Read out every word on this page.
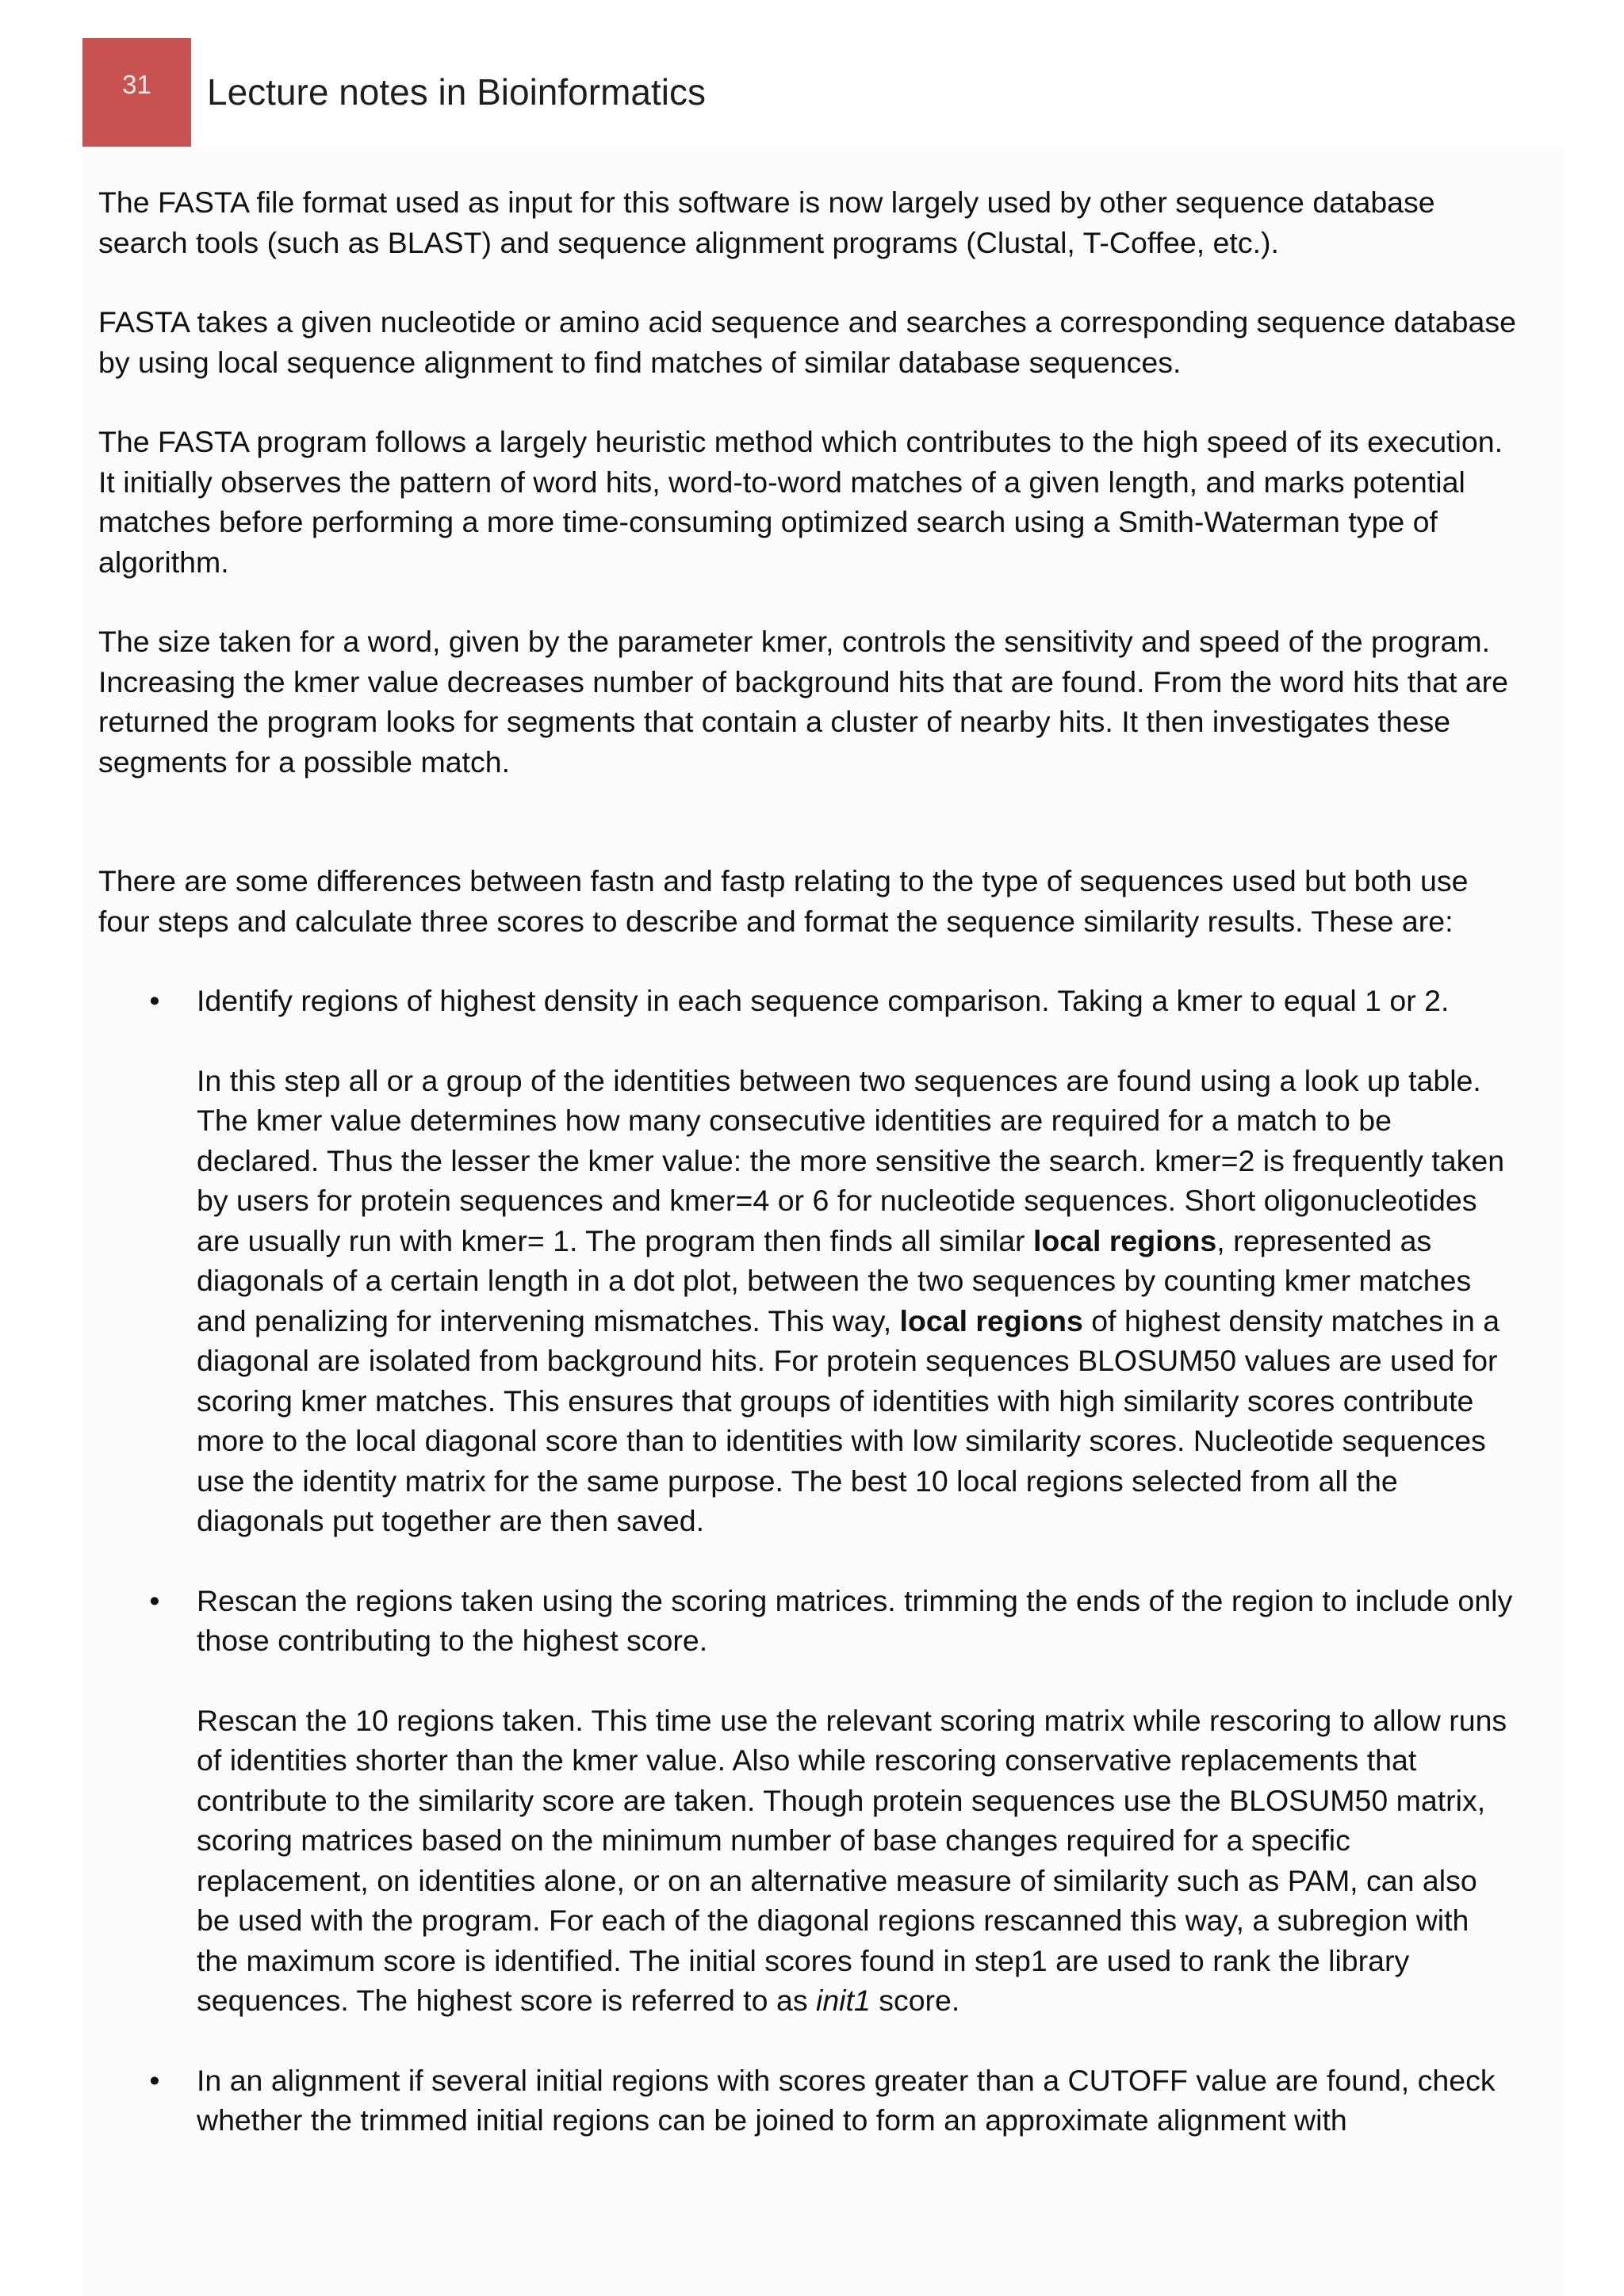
31 Lecture notes in Bioinformatics

The FASTA file format used as input for this software is now largely used by other sequence database search tools (such as BLAST) and sequence alignment programs (Clustal, T-Coffee, etc.).

FASTA takes a given nucleotide or amino acid sequence and searches a corresponding sequence database by using local sequence alignment to find matches of similar database sequences.

The FASTA program follows a largely heuristic method which contributes to the high speed of its execution. It initially observes the pattern of word hits, word-to-word matches of a given length, and marks potential matches before performing a more time-consuming optimized search using a Smith-Waterman type of algorithm.

The size taken for a word, given by the parameter kmer, controls the sensitivity and speed of the program. Increasing the kmer value decreases number of background hits that are found. From the word hits that are returned the program looks for segments that contain a cluster of nearby hits. It then investigates these segments for a possible match.

There are some differences between fastn and fastp relating to the type of sequences used but both use four steps and calculate three scores to describe and format the sequence similarity results. These are:

• Identify regions of highest density in each sequence comparison. Taking a kmer to equal 1 or 2.

In this step all or a group of the identities between two sequences are found using a look up table. The kmer value determines how many consecutive identities are required for a match to be declared. Thus the lesser the kmer value: the more sensitive the search. kmer=2 is frequently taken by users for protein sequences and kmer=4 or 6 for nucleotide sequences. Short oligonucleotides are usually run with kmer= 1. The program then finds all similar local regions, represented as diagonals of a certain length in a dot plot, between the two sequences by counting kmer matches and penalizing for intervening mismatches. This way, local regions of highest density matches in a diagonal are isolated from background hits. For protein sequences BLOSUM50 values are used for scoring kmer matches. This ensures that groups of identities with high similarity scores contribute more to the local diagonal score than to identities with low similarity scores. Nucleotide sequences use the identity matrix for the same purpose. The best 10 local regions selected from all the diagonals put together are then saved.

• Rescan the regions taken using the scoring matrices. trimming the ends of the region to include only those contributing to the highest score.

Rescan the 10 regions taken. This time use the relevant scoring matrix while rescoring to allow runs of identities shorter than the kmer value. Also while rescoring conservative replacements that contribute to the similarity score are taken. Though protein sequences use the BLOSUM50 matrix, scoring matrices based on the minimum number of base changes required for a specific replacement, on identities alone, or on an alternative measure of similarity such as PAM, can also be used with the program. For each of the diagonal regions rescanned this way, a subregion with the maximum score is identified. The initial scores found in step1 are used to rank the library sequences. The highest score is referred to as init1 score.

• In an alignment if several initial regions with scores greater than a CUTOFF value are found, check whether the trimmed initial regions can be joined to form an approximate alignment with
